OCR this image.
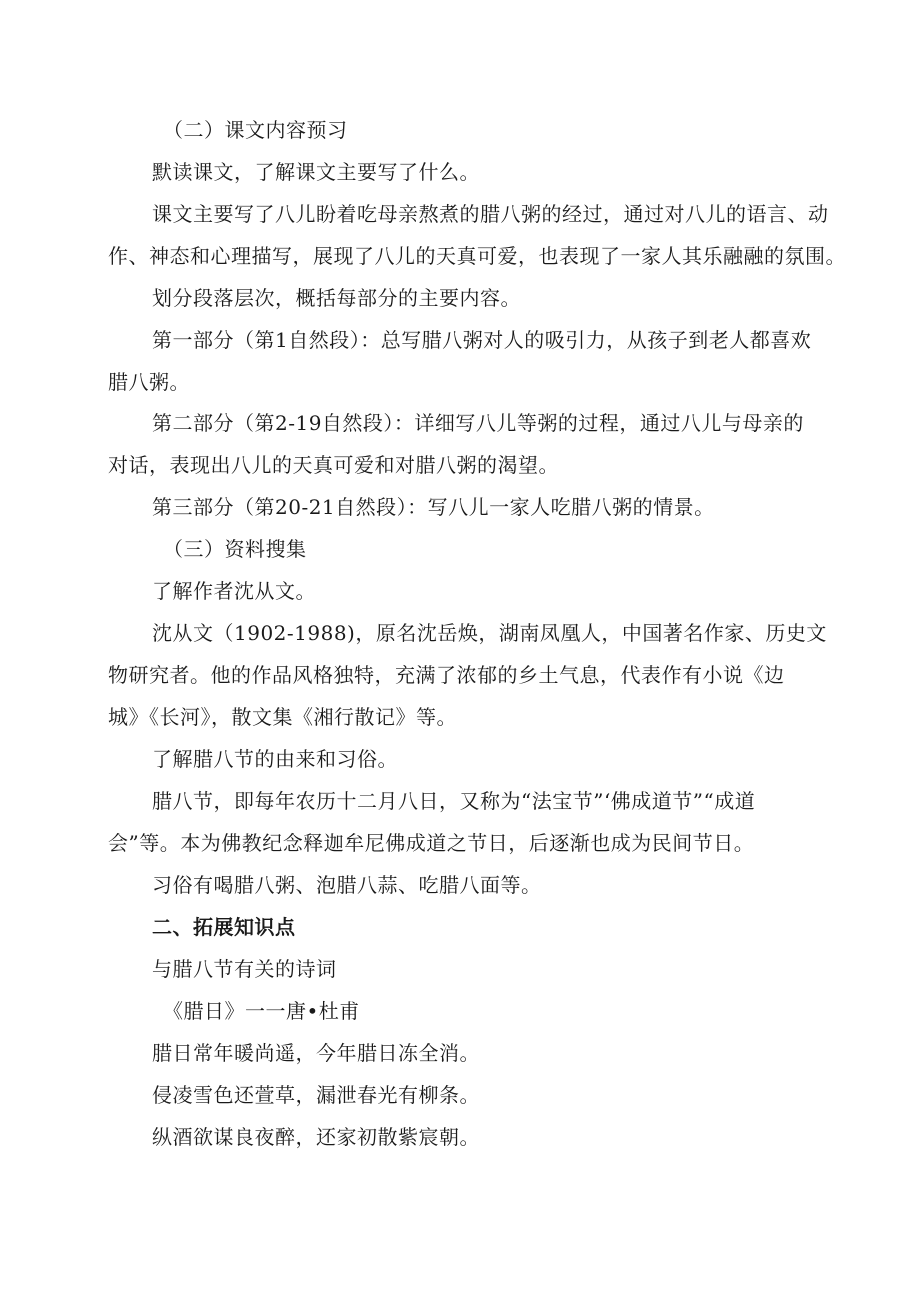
（二）课文内容预习
默读课文，了解课文主要写了什么。
课文主要写了八儿盼着吃母亲熬煮的腊八粥的经过，通过对八儿的语言、动
作、神态和心理描写，展现了八儿的天真可爱，也表现了一家人其乐融融的氛围。
划分段落层次，概括每部分的主要内容。
第一部分（第1自然段）：总写腊八粥对人的吸引力，从孩子到老人都喜欢
腊八粥。
第二部分（第2-19自然段）：详细写八儿等粥的过程，通过八儿与母亲的
对话，表现出八儿的天真可爱和对腊八粥的渴望。
第三部分（第20-21自然段）：写八儿一家人吃腊八粥的情景。
（三）资料搜集
了解作者沈从文。
沈从文（1902-1988)，原名沈岳焕，湖南凤凰人，中国著名作家、历史文
物研究者。他的作品风格独特，充满了浓郁的乡土气息，代表作有小说《边
城》《长河》，散文集《湘行散记》等。
了解腊八节的由来和习俗。
腊八节，即每年农历十二月八日，又称为“法宝节”‘佛成道节”“成道
会”等。本为佛教纪念释迦牟尼佛成道之节日，后逐渐也成为民间节日。
习俗有喝腊八粥、泡腊八蒜、吃腊八面等。
二、拓展知识点
与腊八节有关的诗词
《腊日》一一唐•杜甫
腊日常年暖尚遥，今年腊日冻全消。
侵凌雪色还萱草，漏泄春光有柳条。
纵酒欲谋良夜醉，还家初散紫宸朝。
